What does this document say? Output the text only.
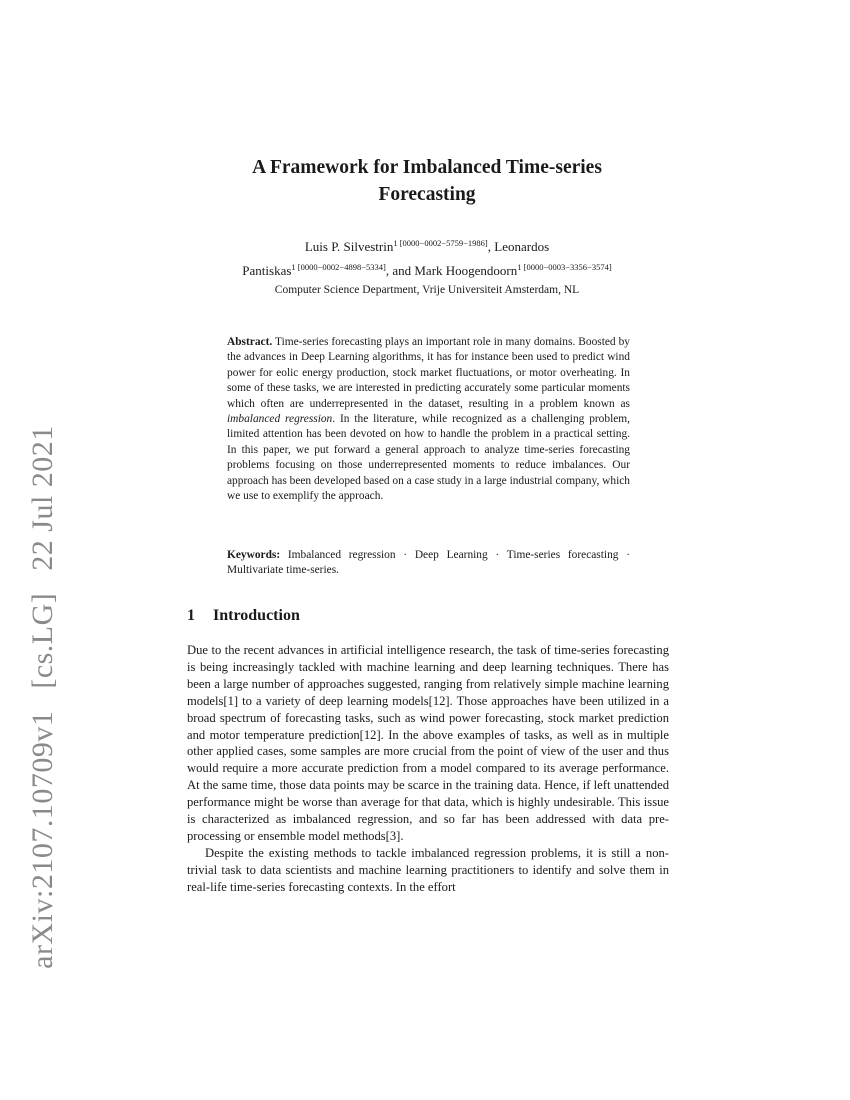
arXiv:2107.10709v1 [cs.LG] 22 Jul 2021
A Framework for Imbalanced Time-series
Forecasting
Luis P. Silvestrin$^{1 [0000-0002-5759-1986]}$, Leonardos
Pantiskas$^{1 [0000-0002-4898-5334]}$, and Mark Hoogendoorn$^{1 [0000-0003-3356-3574]}$
Computer Science Department, Vrije Universiteit Amsterdam, NL
Abstract. Time-series forecasting plays an important role in many domains. Boosted by the advances in Deep Learning algorithms, it has for instance been used to predict wind power for eolic energy production, stock market fluctuations, or motor overheating. In some of these tasks, we are interested in predicting accurately some particular moments which often are underrepresented in the dataset, resulting in a problem known as imbalanced regression. In the literature, while recognized as a challenging problem, limited attention has been devoted on how to handle the problem in a practical setting. In this paper, we put forward a general approach to analyze time-series forecasting problems focusing on those underrepresented moments to reduce imbalances. Our approach has been developed based on a case study in a large industrial company, which we use to exemplify the approach.
Keywords: Imbalanced regression · Deep Learning · Time-series forecasting · Multivariate time-series.
1 Introduction

Due to the recent advances in artificial intelligence research, the task of time-series forecasting is being increasingly tackled with machine learning and deep learning techniques. There has been a large number of approaches suggested, ranging from relatively simple machine learning models[1] to a variety of deep learning models[12]. Those approaches have been utilized in a broad spectrum of forecasting tasks, such as wind power forecasting, stock market prediction and motor temperature prediction[12]. In the above examples of tasks, as well as in multiple other applied cases, some samples are more crucial from the point of view of the user and thus would require a more accurate prediction from a model compared to its average performance. At the same time, those data points may be scarce in the training data. Hence, if left unattended performance might be worse than average for that data, which is highly undesirable. This issue is characterized as imbalanced regression, and so far has been addressed with data pre-processing or ensemble model methods[3].

Despite the existing methods to tackle imbalanced regression problems, it is still a non-trivial task to data scientists and machine learning practitioners to identify and solve them in real-life time-series forecasting contexts. In the effort
